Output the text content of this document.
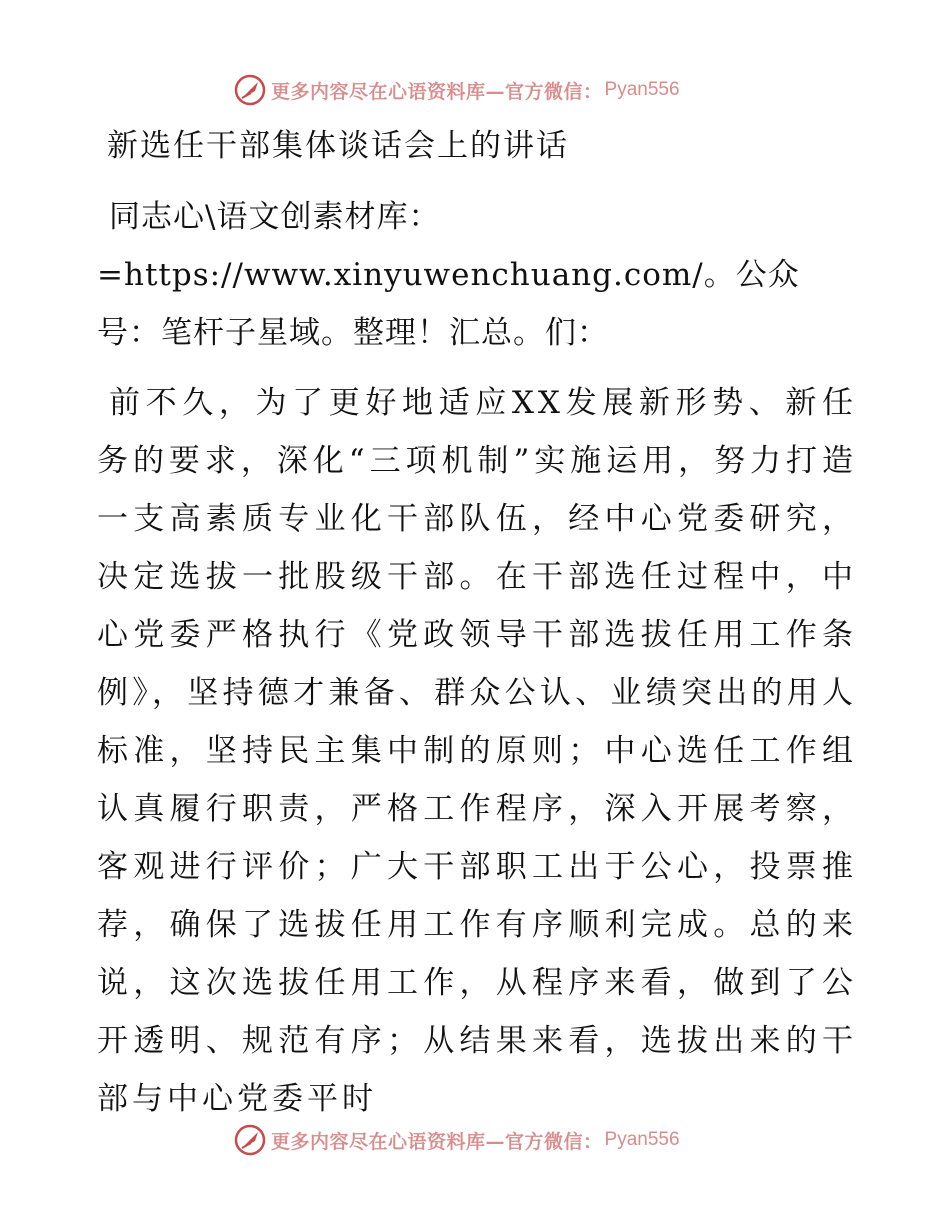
更多内容尽在心语资料库—官方微信： Pyan556
新选任干部集体谈话会上的讲话

同志心\语文创素材库：=https://www.xinyuwenchuang.com/。公众号：笔杆子星域。整理！汇总。们：

前不久，为了更好地适应XX发展新形势、新任务的要求，深化“三项机制”实施运用，努力打造一支高素质专业化干部队伍，经中心党委研究，决定选拔一批股级干部。在干部选任过程中，中心党委严格执行《党政领导干部选拔任用工作条例》，坚持德才兼备、群众公认、业绩突出的用人标准，坚持民主集中制的原则；中心选任工作组认真履行职责，严格工作程序，深入开展考察，客观进行评价；广大干部职工出于公心，投票推荐，确保了选拔任用工作有序顺利完成。总的来说，这次选拔任用工作，从程序来看，做到了公开透明、规范有序；从结果来看，选拔出来的干部与中心党委平时

更多内容尽在心语资料库—官方微信： Pyan556
